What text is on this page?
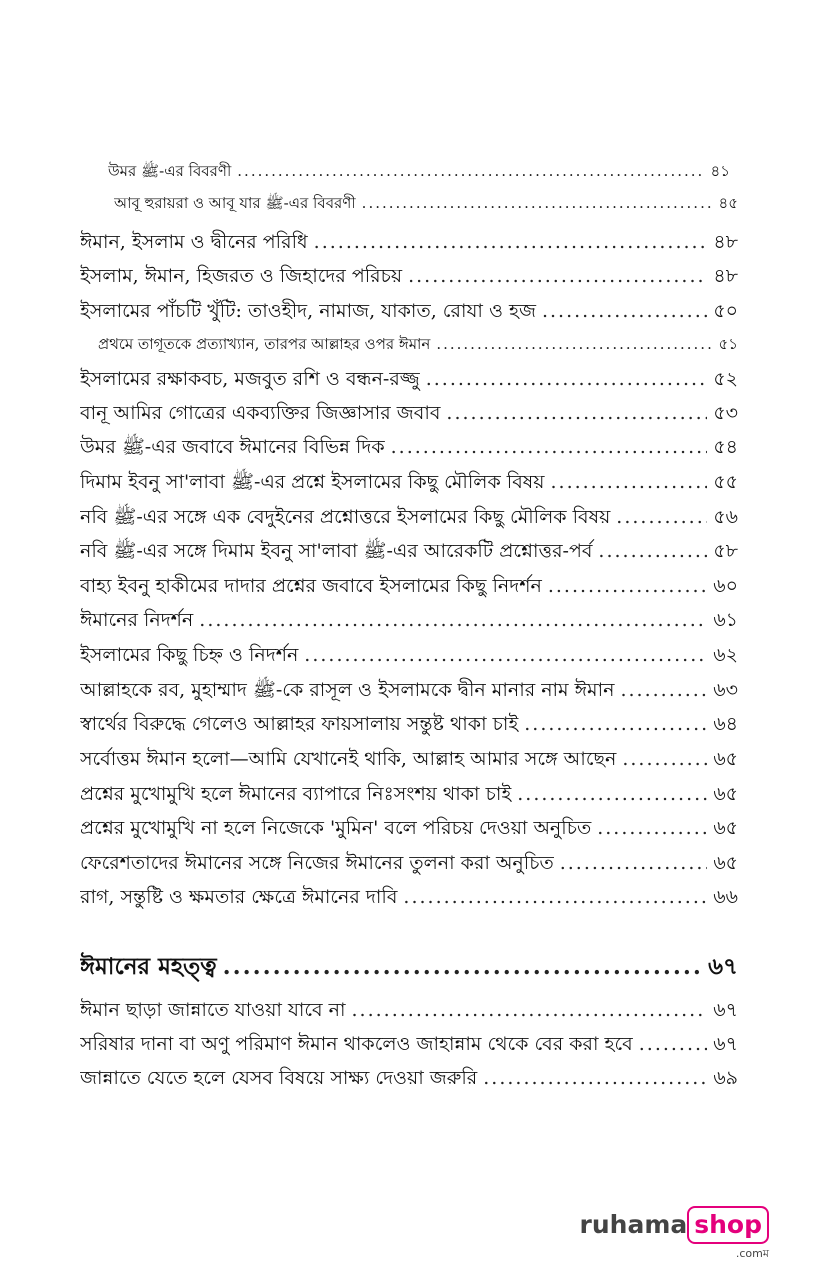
উমর ﷺ-এর বিবরণী .....	৪১
আবূ হুরায়রা ও আবূ যার ﷺ-এর বিবরণী .....	৪৫
ঈমান, ইসলাম ও দ্বীনের পরিধি .....	৪৮
ইসলাম, ঈমান, হিজরত ও জিহাদের পরিচয় .....	৪৮
ইসলামের পাঁচটি খুঁটি: তাওহীদ, নামাজ, যাকাত, রোযা ও হজ .....	৫০
প্রথমে তাগূতকে প্রত্যাখ্যান, তারপর আল্লাহর ওপর ঈমান .....	৫১
ইসলামের রক্ষাকবচ, মজবুত রশি ও বন্ধন-রজ্জু .....	৫২
বানূ আমির গোত্রের একব্যক্তির জিজ্ঞাসার জবাব .....	৫৩
উমর ﷺ-এর জবাবে ঈমানের বিভিন্ন দিক .....	৫৪
দিমাম ইবনু সা'লাবা ﷺ-এর প্রশ্নে ইসলামের কিছু মৌলিক বিষয় .....	৫৫
নবি ﷺ-এর সঙ্গে এক বেদুইনের প্রশ্নোত্তরে ইসলামের কিছু মৌলিক বিষয় .....	৫৬
নবি ﷺ-এর সঙ্গে দিমাম ইবনু সা'লাবা ﷺ-এর আরেকটি প্রশ্নোত্তর-পর্ব .....	৫৮
বাহ্য ইবনু হাকীমের দাদার প্রশ্নের জবাবে ইসলামের কিছু নিদর্শন .....	৬০
ঈমানের নিদর্শন .....	৬১
ইসলামের কিছু চিহ্ন ও নিদর্শন .....	৬২
আল্লাহকে রব, মুহাম্মাদ ﷺ-কে রাসূল ও ইসলামকে দ্বীন মানার নাম ঈমান .....	৬৩
স্বার্থের বিরুদ্ধে গেলেও আল্লাহর ফায়সালায় সন্তুষ্ট থাকা চাই .....	৬৪
সর্বোত্তম ঈমান হলো—আমি যেখানেই থাকি, আল্লাহ আমার সঙ্গে আছেন .....	৬৫
প্রশ্নের মুখোমুখি হলে ঈমানের ব্যাপারে নিঃসংশয় থাকা চাই .....	৬৫
প্রশ্নের মুখোমুখি না হলে নিজেকে 'মুমিন' বলে পরিচয় দেওয়া অনুচিত .....	৬৫
ফেরেশতাদের ঈমানের সঙ্গে নিজের ঈমানের তুলনা করা অনুচিত .....	৬৫
রাগ, সন্তুষ্টি ও ক্ষমতার ক্ষেত্রে ঈমানের দাবি .....	৬৬
ঈমানের মহত্ত্ব .....	৬৭
ঈমান ছাড়া জান্নাতে যাওয়া যাবে না .....	৬৭
সরিষার দানা বা অণু পরিমাণ ঈমান থাকলেও জাহান্নাম থেকে বের করা হবে .....	৬৭
জান্নাতে যেতে হলে যেসব বিষয়ে সাক্ষ্য দেওয়া জরুরি .....	৬৯
ruhama shop
.comম
